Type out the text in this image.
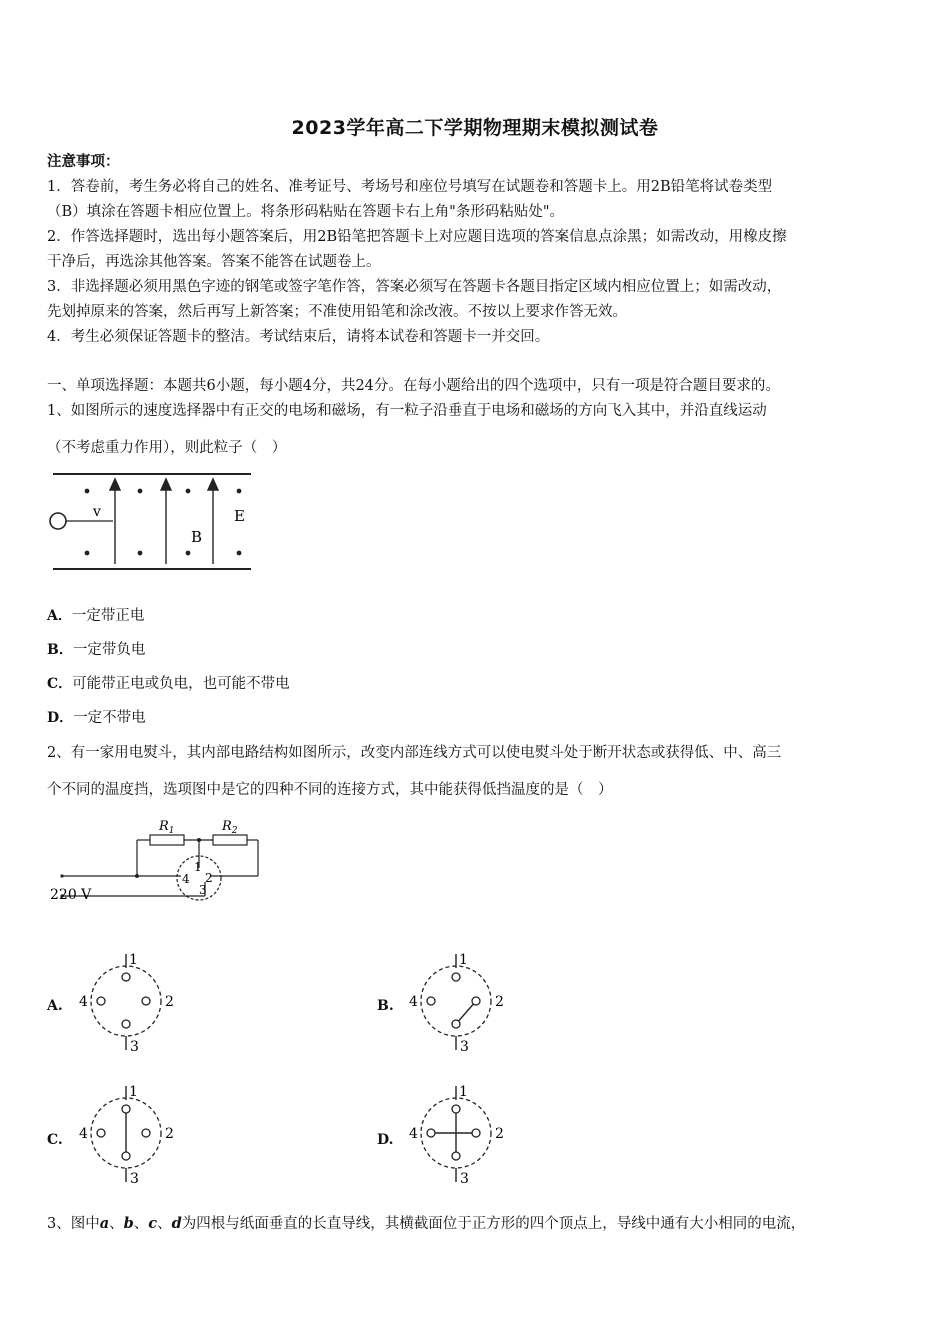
2023学年高二下学期物理期末模拟测试卷
注意事项：
1．答卷前，考生务必将自己的姓名、准考证号、考场号和座位号填写在试题卷和答题卡上。用2B铅笔将试卷类型
（B）填涂在答题卡相应位置上。将条形码粘贴在答题卡右上角"条形码粘贴处"。
2．作答选择题时，选出每小题答案后，用2B铅笔把答题卡上对应题目选项的答案信息点涂黑；如需改动，用橡皮擦
干净后，再选涂其他答案。答案不能答在试题卷上。
3．非选择题必须用黑色字迹的钢笔或签字笔作答，答案必须写在答题卡各题目指定区域内相应位置上；如需改动，
先划掉原来的答案，然后再写上新答案；不准使用铅笔和涂改液。不按以上要求作答无效。
4．考生必须保证答题卡的整洁。考试结束后，请将本试卷和答题卡一并交回。
一、单项选择题：本题共6小题，每小题4分，共24分。在每小题给出的四个选项中，只有一项是符合题目要求的。
1、如图所示的速度选择器中有正交的电场和磁场，有一粒子沿垂直于电场和磁场的方向飞入其中，并沿直线运动
（不考虑重力作用），则此粒子（　）
v
B
E
A．一定带正电
B．一定带负电
C．可能带正电或负电，也可能不带电
D．一定不带电
2、有一家用电熨斗，其内部电路结构如图所示，改变内部连线方式可以使电熨斗处于断开状态或获得低、中、高三
个不同的温度挡，选项图中是它的四种不同的连接方式，其中能获得低挡温度的是（　）
$R_1$	$R_2$
1
2
3
4
220 V
A.
1
2
3
4	B.
1
2
3
4
C.
1
2
3
4	D.
1
2
3
4
3、图中a、b、c、d为四根与纸面垂直的长直导线，其横截面位于正方形的四个顶点上，导线中通有大小相同的电流，
